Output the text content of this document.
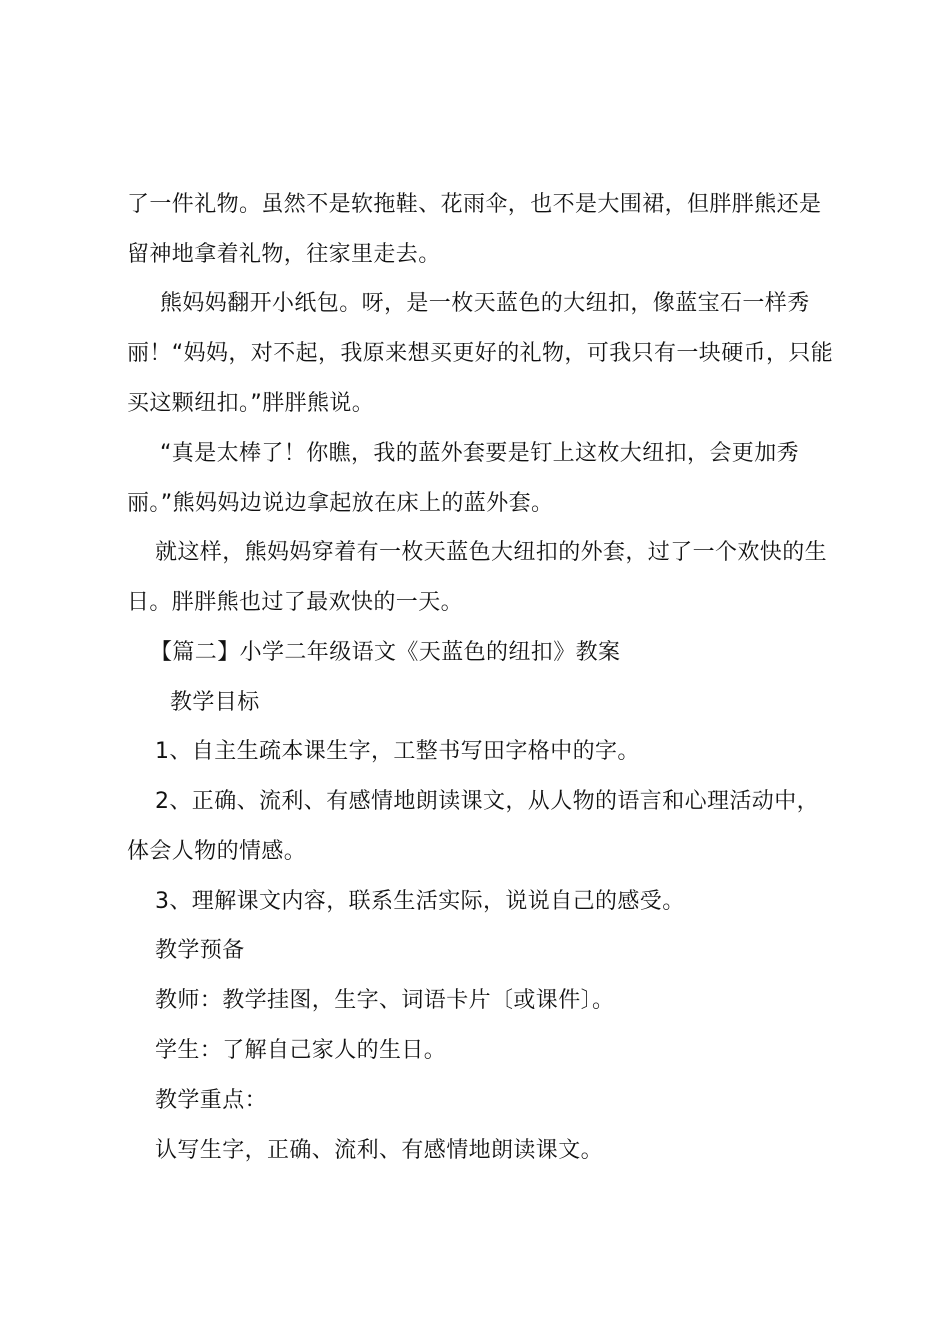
了一件礼物。虽然不是软拖鞋、花雨伞，也不是大围裙，但胖胖熊还是
留神地拿着礼物，往家里走去。
熊妈妈翻开小纸包。呀，是一枚天蓝色的大纽扣，像蓝宝石一样秀
丽！“妈妈，对不起，我原来想买更好的礼物，可我只有一块硬币，只能
买这颗纽扣。”胖胖熊说。
“真是太棒了！你瞧，我的蓝外套要是钉上这枚大纽扣，会更加秀
丽。”熊妈妈边说边拿起放在床上的蓝外套。
就这样，熊妈妈穿着有一枚天蓝色大纽扣的外套，过了一个欢快的生
日。胖胖熊也过了最欢快的一天。
【篇二】小学二年级语文《天蓝色的纽扣》教案
教学目标
1、自主生疏本课生字，工整书写田字格中的字。
2、正确、流利、有感情地朗读课文，从人物的语言和心理活动中，
体会人物的情感。
3、理解课文内容，联系生活实际，说说自己的感受。
教学预备
教师：教学挂图，生字、词语卡片〔或课件〕。
学生：了解自己家人的生日。
教学重点：
认写生字，正确、流利、有感情地朗读课文。
